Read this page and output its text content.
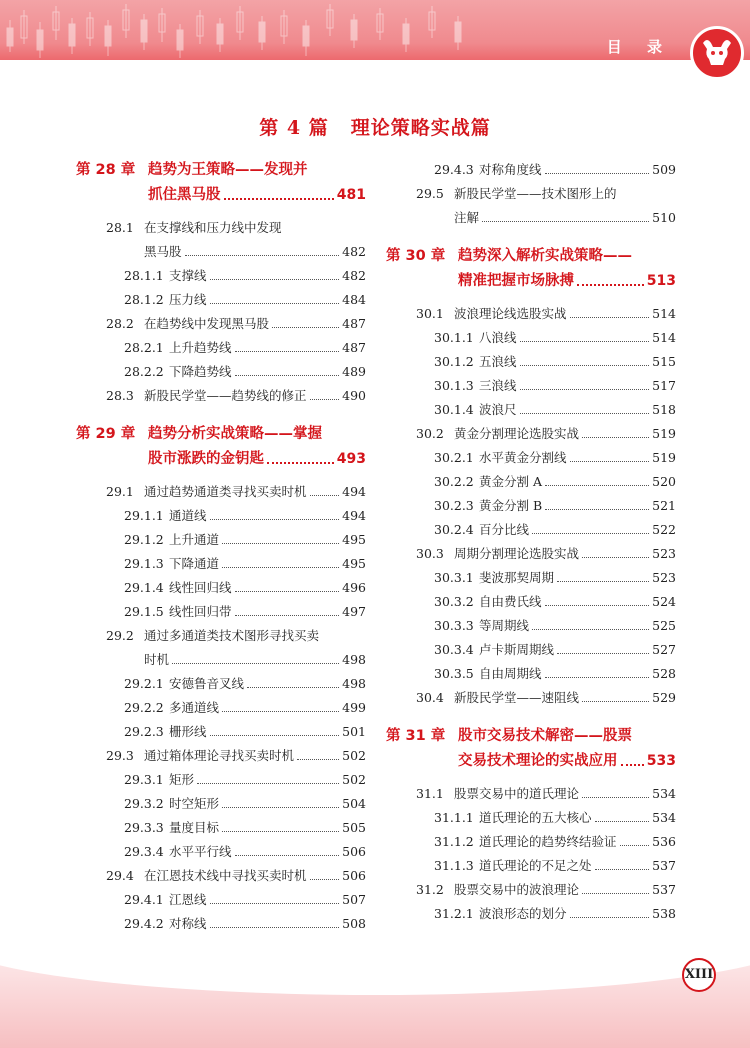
目 录
第 4 篇 理论策略实战篇
第 28 章 趋势为王策略——发现并
抓住黑马股	481
28.1 在支撑线和压力线中发现
黑马股	482
28.1.1 支撑线	482
28.1.2 压力线	484
28.2 在趋势线中发现黑马股	487
28.2.1 上升趋势线	487
28.2.2 下降趋势线	489
28.3 新股民学堂——趋势线的修正	490
第 29 章 趋势分析实战策略——掌握
股市涨跌的金钥匙	493
29.1 通过趋势通道类寻找买卖时机	494
29.1.1 通道线	494
29.1.2 上升通道	495
29.1.3 下降通道	495
29.1.4 线性回归线	496
29.1.5 线性回归带	497
29.2 通过多通道类技术图形寻找买卖
时机	498
29.2.1 安德鲁音叉线	498
29.2.2 多通道线	499
29.2.3 栅形线	501
29.3 通过箱体理论寻找买卖时机	502
29.3.1 矩形	502
29.3.2 时空矩形	504
29.3.3 量度目标	505
29.3.4 水平平行线	506
29.4 在江恩技术线中寻找买卖时机	506
29.4.1 江恩线	507
29.4.2 对称线	508
29.4.3 对称角度线	509
29.5 新股民学堂——技术图形上的
注解	510
第 30 章 趋势深入解析实战策略——
精准把握市场脉搏	513
30.1 波浪理论线选股实战	514
30.1.1 八浪线	514
30.1.2 五浪线	515
30.1.3 三浪线	517
30.1.4 波浪尺	518
30.2 黄金分割理论选股实战	519
30.2.1 水平黄金分割线	519
30.2.2 黄金分割 A	520
30.2.3 黄金分割 B	521
30.2.4 百分比线	522
30.3 周期分割理论选股实战	523
30.3.1 斐波那契周期	523
30.3.2 自由费氏线	524
30.3.3 等周期线	525
30.3.4 卢卡斯周期线	527
30.3.5 自由周期线	528
30.4 新股民学堂——速阻线	529
第 31 章 股市交易技术解密——股票
交易技术理论的实战应用 533
31.1 股票交易中的道氏理论	534
31.1.1 道氏理论的五大核心	534
31.1.2 道氏理论的趋势终结验证	536
31.1.3 道氏理论的不足之处	537
31.2 股票交易中的波浪理论	537
31.2.1 波浪形态的划分	538
XIII
